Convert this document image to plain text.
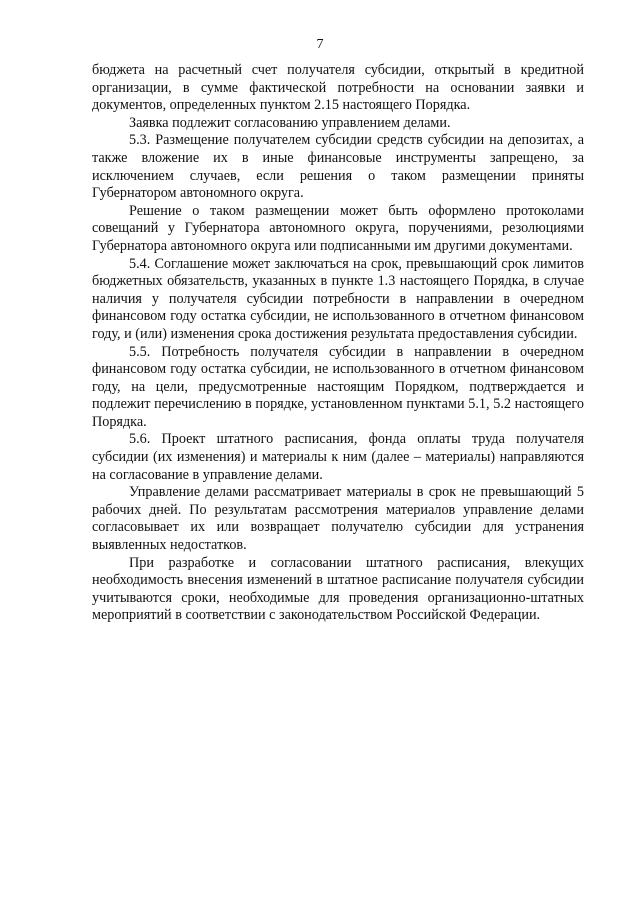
7

бюджета на расчетный счет получателя субсидии, открытый в кредитной организации, в сумме фактической потребности на основании заявки и документов, определенных пунктом 2.15 настоящего Порядка.

Заявка подлежит согласованию управлением делами.

5.3. Размещение получателем субсидии средств субсидии на депозитах, а также вложение их в иные финансовые инструменты запрещено, за исключением случаев, если решения о таком размещении приняты Губернатором автономного округа.

Решение о таком размещении может быть оформлено протоколами совещаний у Губернатора автономного округа, поручениями, резолюциями Губернатора автономного округа или подписанными им другими документами.

5.4. Соглашение может заключаться на срок, превышающий срок лимитов бюджетных обязательств, указанных в пункте 1.3 настоящего Порядка, в случае наличия у получателя субсидии потребности в направлении в очередном финансовом году остатка субсидии, не использованного в отчетном финансовом году, и (или) изменения срока достижения результата предоставления субсидии.

5.5. Потребность получателя субсидии в направлении в очередном финансовом году остатка субсидии, не использованного в отчетном финансовом году, на цели, предусмотренные настоящим Порядком, подтверждается и подлежит перечислению в порядке, установленном пунктами 5.1, 5.2 настоящего Порядка.

5.6. Проект штатного расписания, фонда оплаты труда получателя субсидии (их изменения) и материалы к ним (далее – материалы) направляются на согласование в управление делами.

Управление делами рассматривает материалы в срок не превышающий 5 рабочих дней. По результатам рассмотрения материалов управление делами согласовывает их или возвращает получателю субсидии для устранения выявленных недостатков.

При разработке и согласовании штатного расписания, влекущих необходимость внесения изменений в штатное расписание получателя субсидии учитываются сроки, необходимые для проведения организационно-штатных мероприятий в соответствии с законодательством Российской Федерации.
